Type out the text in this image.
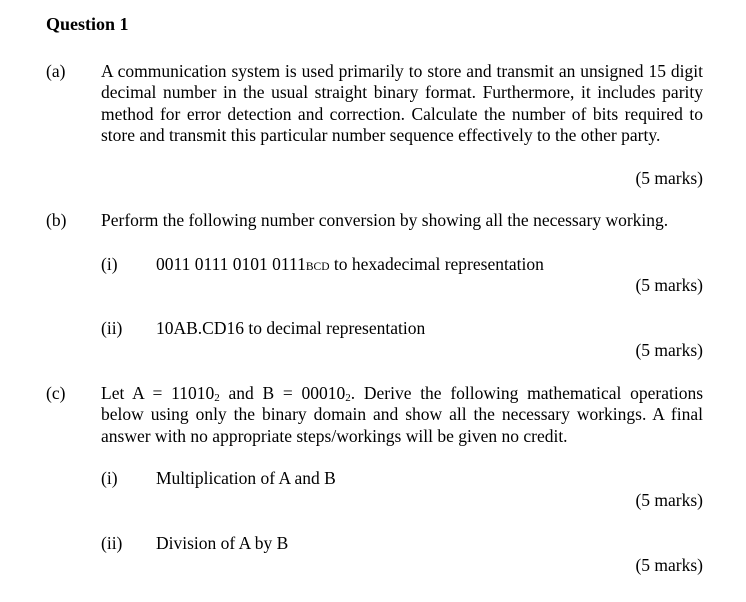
Question 1
(a) A communication system is used primarily to store and transmit an unsigned 15 digit decimal number in the usual straight binary format. Furthermore, it includes parity method for error detection and correction. Calculate the number of bits required to store and transmit this particular number sequence effectively to the other party.
(5 marks)
(b) Perform the following number conversion by showing all the necessary working.
(i) 0011 0111 0101 0111BCD to hexadecimal representation
(5 marks)
(ii) 10AB.CD16 to decimal representation
(5 marks)
(c) Let $A = 11010_2$ and $B = 00010_2$. Derive the following mathematical operations
below using only the binary domain and show all the necessary workings. A final
answer with no appropriate steps/workings will be given no credit.
(i) Multiplication of A and B
(5 marks)
(ii) Division of A by B
(5 marks)
